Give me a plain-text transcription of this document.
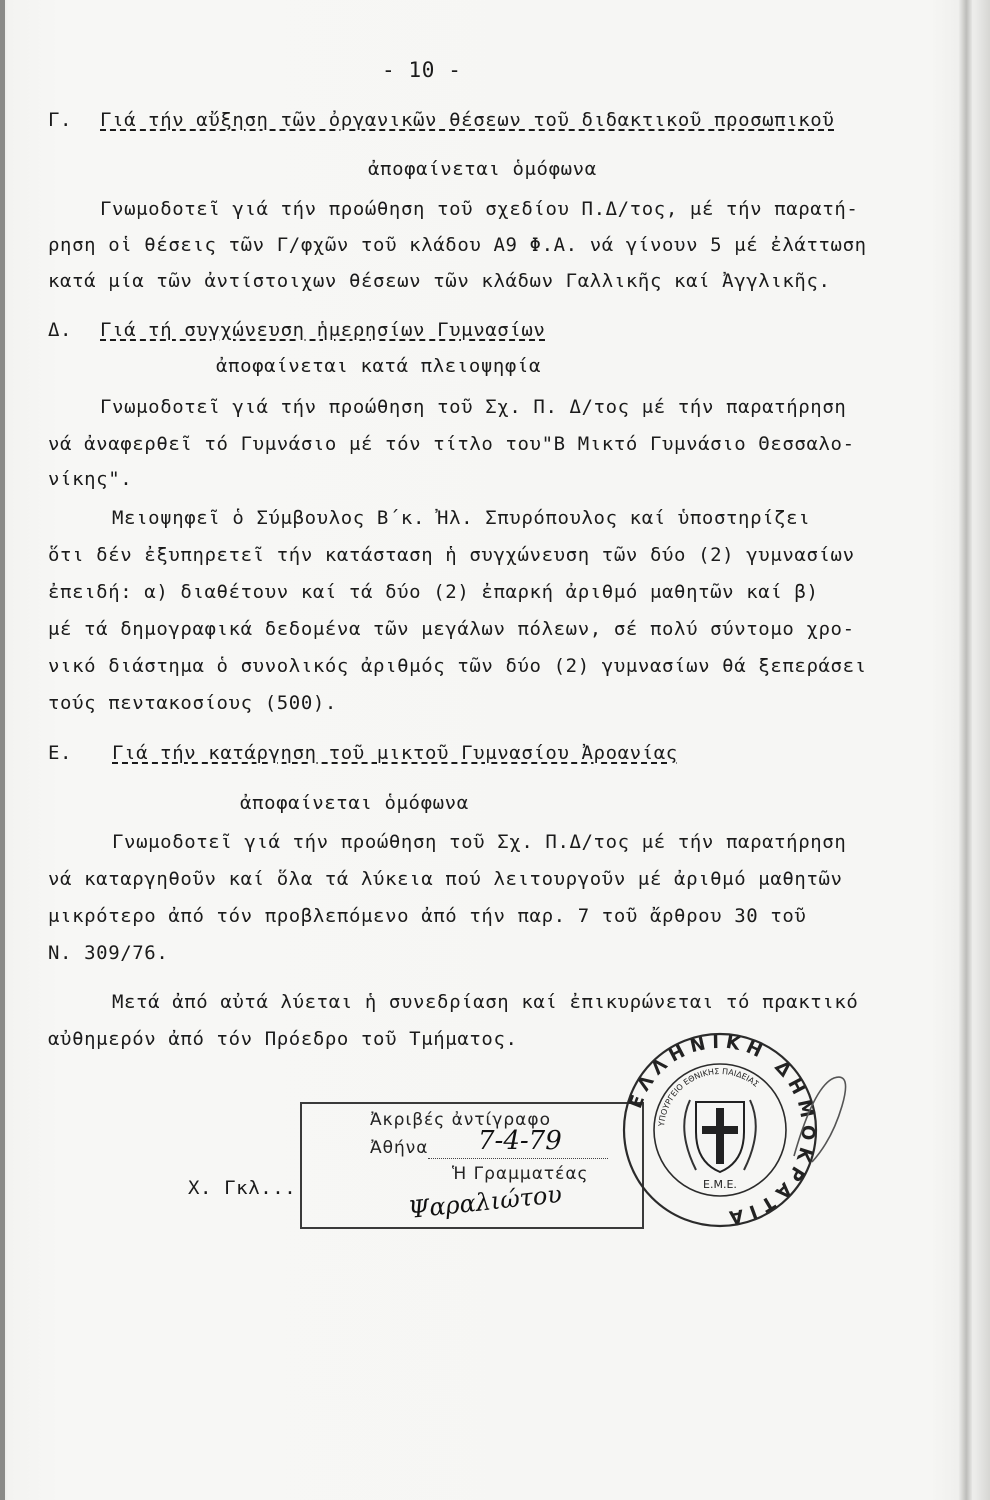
- 10 -
Γ. Γιά τήν αὔξηση τῶν ὀργανικῶν θέσεων τοῦ διδακτικοῦ προσωπικοῦ
ἀποφαίνεται ὁμόφωνα
Γνωμοδοτεῖ γιά τήν προώθηση τοῦ σχεδίου Π.Δ/τος, μέ τήν παρατή-
ρηση οἱ θέσεις τῶν Γ/φχῶν τοῦ κλάδου Α9 Φ.Α. νά γίνουν 5 μέ ἐλάττωση
κατά μία τῶν ἀντίστοιχων θέσεων τῶν κλάδων Γαλλικῆς καί Ἀγγλικῆς.
Δ. Γιά τή συγχώνευση ἡμερησίων Γυμνασίων
ἀποφαίνεται κατά πλειοψηφία
Γνωμοδοτεῖ γιά τήν προώθηση τοῦ Σχ. Π. Δ/τος μέ τήν παρατήρηση
νά ἀναφερθεῖ τό Γυμνάσιο μέ τόν τίτλο του"Β Μικτό Γυμνάσιο Θεσσαλο-
νίκης".
Μειοψηφεῖ ὁ Σύμβουλος Β΄κ. Ἠλ. Σπυρόπουλος καί ὑποστηρίζει
ὅτι δέν ἐξυπηρετεῖ τήν κατάσταση ἡ συγχώνευση τῶν δύο (2) γυμνασίων
ἐπειδή: α) διαθέτουν καί τά δύο (2) ἐπαρκή ἀριθμό μαθητῶν καί β)
μέ τά δημογραφικά δεδομένα τῶν μεγάλων πόλεων, σέ πολύ σύντομο χρο-
νικό διάστημα ὁ συνολικός ἀριθμός τῶν δύο (2) γυμνασίων θά ξεπεράσει
τούς πεντακοσίους (500).
Ε. Γιά τήν κατάργηση τοῦ μικτοῦ Γυμνασίου Ἀροανίας
ἀποφαίνεται ὁμόφωνα
Γνωμοδοτεῖ γιά τήν προώθηση τοῦ Σχ. Π.Δ/τος μέ τήν παρατήρηση
νά καταργηθοῦν καί ὅλα τά λύκεια πού λειτουργοῦν μέ ἀριθμό μαθητῶν
μικρότερο ἀπό τόν προβλεπόμενο ἀπό τήν παρ. 7 τοῦ ἄρθρου 30 τοῦ
Ν. 309/76.
Μετά ἀπό αὐτά λύεται ἡ συνεδρίαση καί ἐπικυρώνεται τό πρακτικό
αὐθημερόν ἀπό τόν Πρόεδρο τοῦ Τμήματος.
Χ. Γκλ...
Ἀκριβές ἀντίγραφο
Ἀθήνα 7-4-79
Ἡ Γραμματέας
Ψαραλιώτου
ΕΛΛΗΝΙΚΗ ΔΗΜΟΚΡΑΤΙΑ
ΥΠΟΥΡΓΕΙΟ ΕΘΝΙΚΗΣ ΠΑΙΔΕΙΑΣ
Ε.Μ.Ε.
